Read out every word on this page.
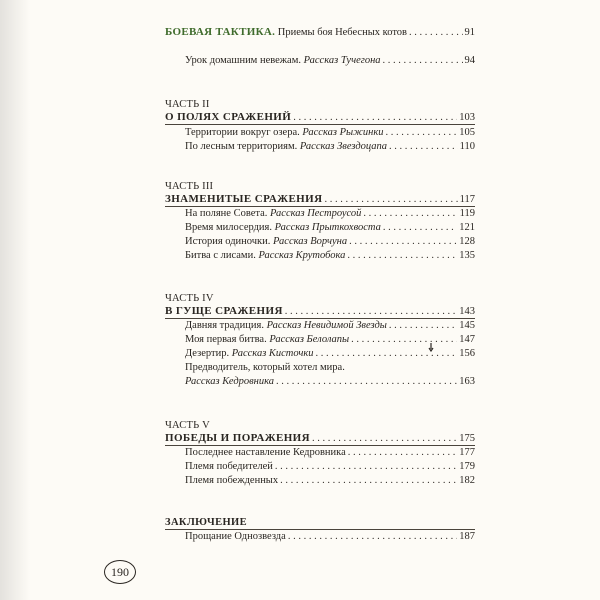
БОЕВАЯ ТАКТИКА. Приемы боя Небесных котов . . .	91
Урок домашним невежам. Рассказ Тучегона . . .	94
ЧАСТЬ II
О ПОЛЯХ СРАЖЕНИЙ . . .	103
Территории вокруг озера. Рассказ Рыжинки . . .	105
По лесным территориям. Рассказ Звездоцапа . . .	110
ЧАСТЬ III
ЗНАМЕНИТЫЕ СРАЖЕНИЯ . . .	117
На поляне Совета. Рассказ Пестроусой . . .	119
Время милосердия. Рассказ Прыткохвоста . . .	121
История одиночки. Рассказ Ворчуна . . .	128
Битва с лисами. Рассказ Крутобока . . .	135
ЧАСТЬ IV
В ГУЩЕ СРАЖЕНИЯ . . .	143
Давняя традиция. Рассказ Невидимой Звезды . . .	145
Моя первая битва. Рассказ Белолапы . . .	147
Дезертир. Рассказ Кисточки . . .	156
Предводитель, который хотел мира.
Рассказ Кедровника . . .	163
ЧАСТЬ V
ПОБЕДЫ И ПОРАЖЕНИЯ . . .	175
Последнее наставление Кедровника . . .	177
Племя победителей . . .	179
Племя побежденных . . .	182
ЗАКЛЮЧЕНИЕ
Прощание Однозвезда . . .	187
190
